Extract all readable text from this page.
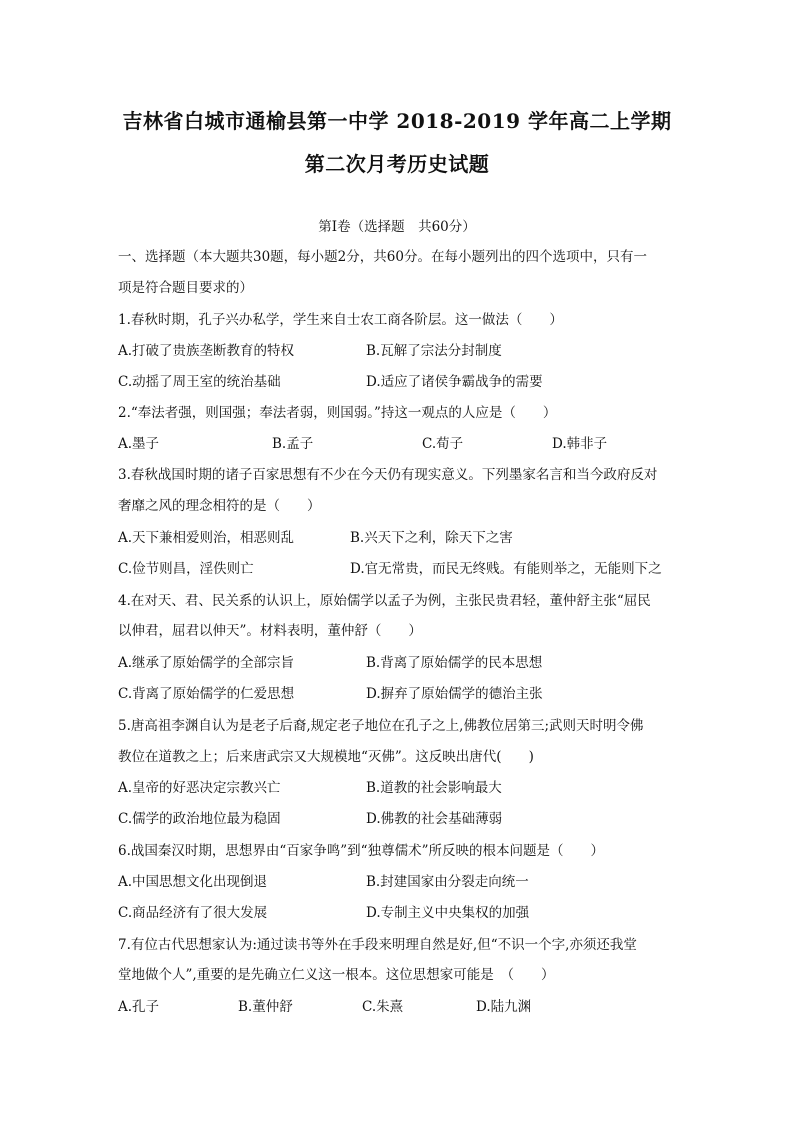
吉林省白城市通榆县第一中学 2018-2019 学年高二上学期
第二次月考历史试题
第Ⅰ卷（选择题　共60分）
一、选择题（本大题共30题，每小题2分，共60分。在每小题列出的四个选项中，只有一
项是符合题目要求的）
1.春秋时期，孔子兴办私学，学生来自士农工商各阶层。这一做法（　　）
A.打破了贵族垄断教育的特权	B.瓦解了宗法分封制度
C.动摇了周王室的统治基础	D.适应了诸侯争霸战争的需要
2.“奉法者强，则国强；奉法者弱，则国弱。”持这一观点的人应是（　　）
A.墨子	B.孟子	C.荀子	D.韩非子
3.春秋战国时期的诸子百家思想有不少在今天仍有现实意义。下列墨家名言和当今政府反对
奢靡之风的理念相符的是（　　）
A.天下兼相爱则治，相恶则乱	B.兴天下之利，除天下之害
C.俭节则昌，淫佚则亡	D.官无常贵，而民无终贱。有能则举之，无能则下之
4.在对天、君、民关系的认识上，原始儒学以孟子为例，主张民贵君轻，董仲舒主张“屈民
以伸君，屈君以伸天”。材料表明，董仲舒（　　）
A.继承了原始儒学的全部宗旨	B.背离了原始儒学的民本思想
C.背离了原始儒学的仁爱思想	D.摒弃了原始儒学的德治主张
5.唐高祖李渊自认为是老子后裔,规定老子地位在孔子之上,佛教位居第三;武则天时明令佛
教位在道教之上；后来唐武宗又大规模地“灭佛”。这反映出唐代(　　)
A.皇帝的好恶决定宗教兴亡	B.道教的社会影响最大
C.儒学的政治地位最为稳固	D.佛教的社会基础薄弱
6.战国秦汉时期，思想界由“百家争鸣”到“独尊儒术”所反映的根本问题是（　　）
A.中国思想文化出现倒退	B.封建国家由分裂走向统一
C.商品经济有了很大发展	D.专制主义中央集权的加强
7.有位古代思想家认为:通过读书等外在手段来明理自然是好,但“不识一个字,亦须还我堂
堂地做个人”,重要的是先确立仁义这一根本。这位思想家可能是　（　　）
A.孔子	B.董仲舒	C.朱熹	D.陆九渊
